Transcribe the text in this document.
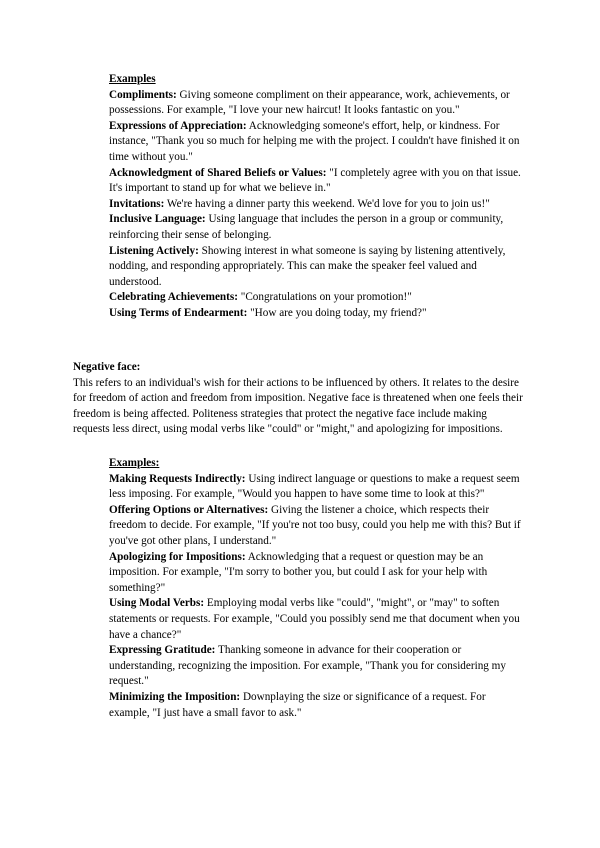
Examples

Compliments: Giving someone compliment on their appearance, work, achievements, or possessions. For example, "I love your new haircut! It looks fantastic on you."

Expressions of Appreciation: Acknowledging someone's effort, help, or kindness. For instance, "Thank you so much for helping me with the project. I couldn't have finished it on time without you."

Acknowledgment of Shared Beliefs or Values: "I completely agree with you on that issue. It's important to stand up for what we believe in."

Invitations: We're having a dinner party this weekend. We'd love for you to join us!"

Inclusive Language: Using language that includes the person in a group or community, reinforcing their sense of belonging.

Listening Actively: Showing interest in what someone is saying by listening attentively, nodding, and responding appropriately. This can make the speaker feel valued and understood.

Celebrating Achievements: "Congratulations on your promotion!"

Using Terms of Endearment: "How are you doing today, my friend?"

Negative face:

This refers to an individual's wish for their actions to be influenced by others. It relates to the desire for freedom of action and freedom from imposition. Negative face is threatened when one feels their freedom is being affected. Politeness strategies that protect the negative face include making requests less direct, using modal verbs like "could" or "might," and apologizing for impositions.

Examples:

Making Requests Indirectly: Using indirect language or questions to make a request seem less imposing. For example, "Would you happen to have some time to look at this?"

Offering Options or Alternatives: Giving the listener a choice, which respects their freedom to decide. For example, "If you're not too busy, could you help me with this? But if you've got other plans, I understand."

Apologizing for Impositions: Acknowledging that a request or question may be an imposition. For example, "I'm sorry to bother you, but could I ask for your help with something?"

Using Modal Verbs: Employing modal verbs like "could", "might", or "may" to soften statements or requests. For example, "Could you possibly send me that document when you have a chance?"

Expressing Gratitude: Thanking someone in advance for their cooperation or understanding, recognizing the imposition. For example, "Thank you for considering my request."

Minimizing the Imposition: Downplaying the size or significance of a request. For example, "I just have a small favor to ask."
